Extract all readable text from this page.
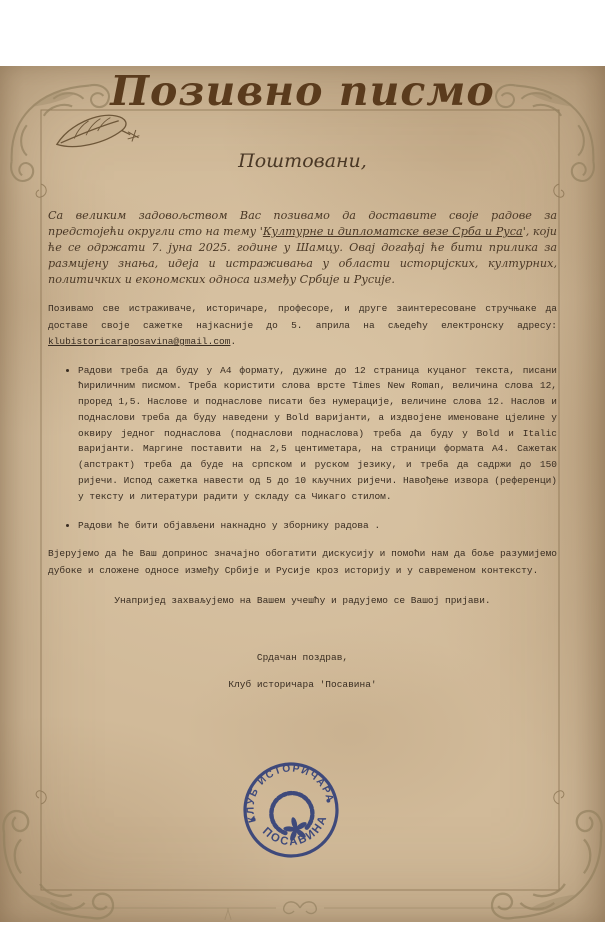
Позивно писмо
Поштовани,

Са великим задовољством Вас позивамо да доставите своје радове за предстојећи округли сто на тему 'Културне и дипломатске везе Срба и Руса', који ће се одржати 7. јуна 2025. године у Шамцу. Овај догађај ће бити прилика за размијену знања, идеја и истраживања у области историјских, културних, политичких и економских односа између Србије и Русије.

Позивамо све истраживаче, историчаре, професоре, и друге заинтересоване стручњаке да доставе своје сажетке најкасније до 5. априла на сљедећу електронску адресу: klubistoricaraposavina@gmail.com.

• Радови треба да буду у А4 формату, дужине до 12 страница куцаног текста, писани ћириличним писмом. Треба користити слова врсте Times New Roman, величина слова 12, проред 1,5. Наслове и поднаслове писати без нумерације, величине слова 12. Наслов и поднаслови треба да буду наведени у Bold варијанти, а издвојене именоване цјелине у оквиру једног поднаслова (поднаслови поднаслова) треба да буду у Bold и Italic варијанти. Маргине поставити на 2,5 центиметара, на страници формата А4. Сажетак (апстракт) треба да буде на српском и руском језику, и треба да садржи до 150 ријечи. Испод сажетка навести од 5 до 10 кључних ријечи. Навођење извора (референци) у тексту и литератури радити у складу са Чикаго стилом.
• Радови ће бити објављени накнадно у зборнику радова .

Вјерујемо да ће Ваш допринос значајно обогатити дискусију и помоћи нам да боље разумијемо дубоке и сложене односе између Србије и Русије кроз историју и у савременом контексту.

Унапријед захваљујемо на Вашем учешћу и радујемо се Вашој пријави.

Срдачан поздрав,

Клуб историчара 'Посавина'

КЛУБ ИСТОРИЧАРА
ПОСАВИНА
